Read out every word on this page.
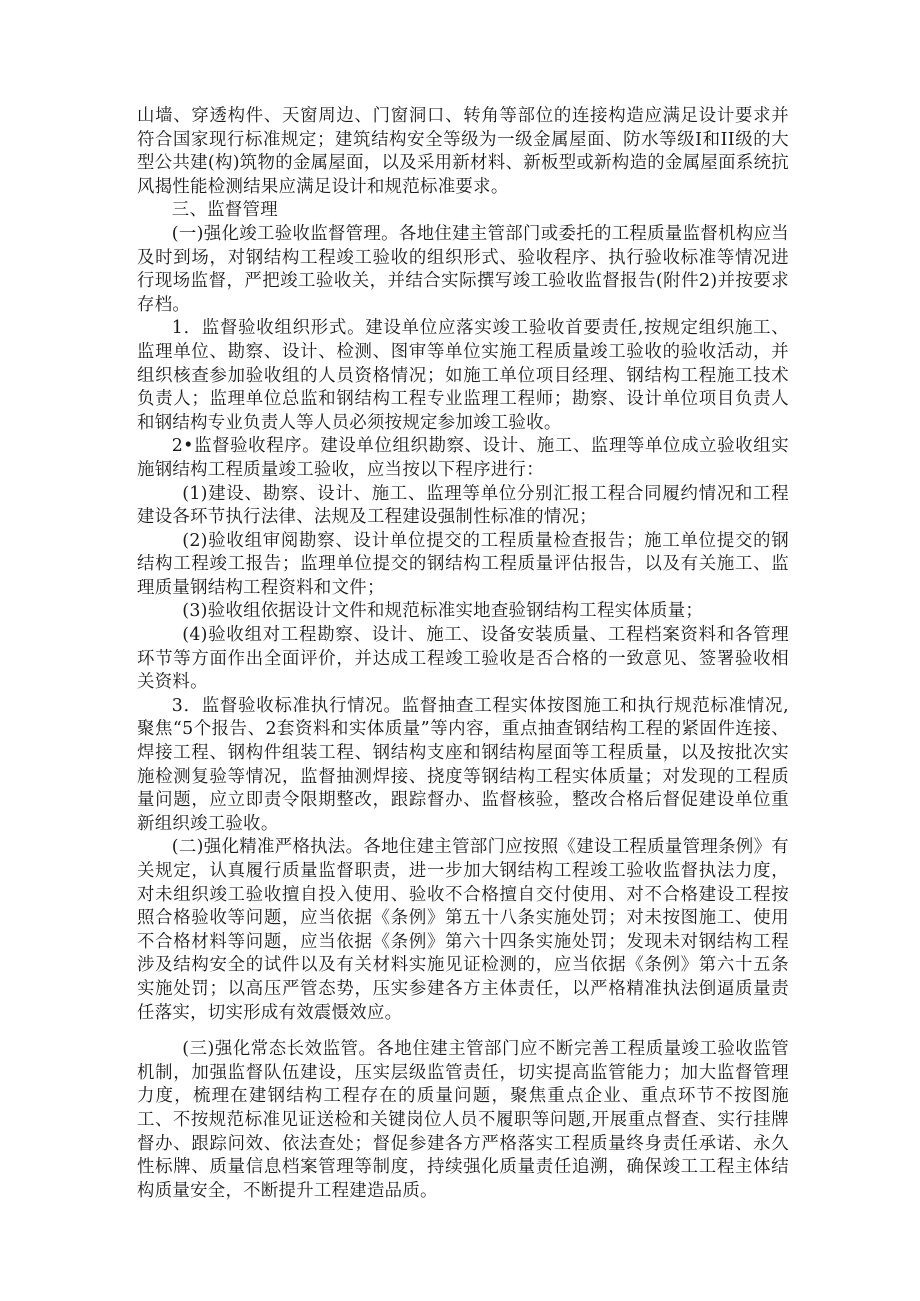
山墙、穿透构件、天窗周边、门窗洞口、转角等部位的连接构造应满足设计要求并符合国家现行标准规定；建筑结构安全等级为一级金属屋面、防水等级I和II级的大型公共建(构)筑物的金属屋面，以及采用新材料、新板型或新构造的金属屋面系统抗风揭性能检测结果应满足设计和规范标准要求。

三、监督管理

(一)强化竣工验收监督管理。各地住建主管部门或委托的工程质量监督机构应当及时到场，对钢结构工程竣工验收的组织形式、验收程序、执行验收标准等情况进行现场监督，严把竣工验收关，并结合实际撰写竣工验收监督报告(附件2)并按要求存档。

1．监督验收组织形式。建设单位应落实竣工验收首要责任,按规定组织施工、监理单位、勘察、设计、检测、图审等单位实施工程质量竣工验收的验收活动，并组织核查参加验收组的人员资格情况；如施工单位项目经理、钢结构工程施工技术负责人；监理单位总监和钢结构工程专业监理工程师；勘察、设计单位项目负责人和钢结构专业负责人等人员必须按规定参加竣工验收。

2•监督验收程序。建设单位组织勘察、设计、施工、监理等单位成立验收组实施钢结构工程质量竣工验收，应当按以下程序进行：

(1)建设、勘察、设计、施工、监理等单位分别汇报工程合同履约情况和工程建设各环节执行法律、法规及工程建设强制性标准的情况；

(2)验收组审阅勘察、设计单位提交的工程质量检查报告；施工单位提交的钢结构工程竣工报告；监理单位提交的钢结构工程质量评估报告，以及有关施工、监理质量钢结构工程资料和文件；

(3)验收组依据设计文件和规范标准实地查验钢结构工程实体质量；

(4)验收组对工程勘察、设计、施工、设备安装质量、工程档案资料和各管理环节等方面作出全面评价，并达成工程竣工验收是否合格的一致意见、签署验收相关资料。

3．监督验收标准执行情况。监督抽查工程实体按图施工和执行规范标准情况,聚焦“5个报告、2套资料和实体质量”等内容，重点抽查钢结构工程的紧固件连接、焊接工程、钢构件组装工程、钢结构支座和钢结构屋面等工程质量，以及按批次实施检测复验等情况，监督抽测焊接、挠度等钢结构工程实体质量；对发现的工程质量问题，应立即责令限期整改，跟踪督办、监督核验，整改合格后督促建设单位重新组织竣工验收。

(二)强化精准严格执法。各地住建主管部门应按照《建设工程质量管理条例》有关规定，认真履行质量监督职责，进一步加大钢结构工程竣工验收监督执法力度，对未组织竣工验收擅自投入使用、验收不合格擅自交付使用、对不合格建设工程按照合格验收等问题，应当依据《条例》第五十八条实施处罚；对未按图施工、使用不合格材料等问题，应当依据《条例》第六十四条实施处罚；发现未对钢结构工程涉及结构安全的试件以及有关材料实施见证检测的，应当依据《条例》第六十五条实施处罚；以高压严管态势，压实参建各方主体责任，以严格精准执法倒逼质量责任落实，切实形成有效震慑效应。

(三)强化常态长效监管。各地住建主管部门应不断完善工程质量竣工验收监管机制，加强监督队伍建设，压实层级监管责任，切实提高监管能力；加大监督管理力度，梳理在建钢结构工程存在的质量问题，聚焦重点企业、重点环节不按图施工、不按规范标准见证送检和关键岗位人员不履职等问题,开展重点督查、实行挂牌督办、跟踪问效、依法查处；督促参建各方严格落实工程质量终身责任承诺、永久性标牌、质量信息档案管理等制度，持续强化质量责任追溯，确保竣工工程主体结构质量安全，不断提升工程建造品质。
